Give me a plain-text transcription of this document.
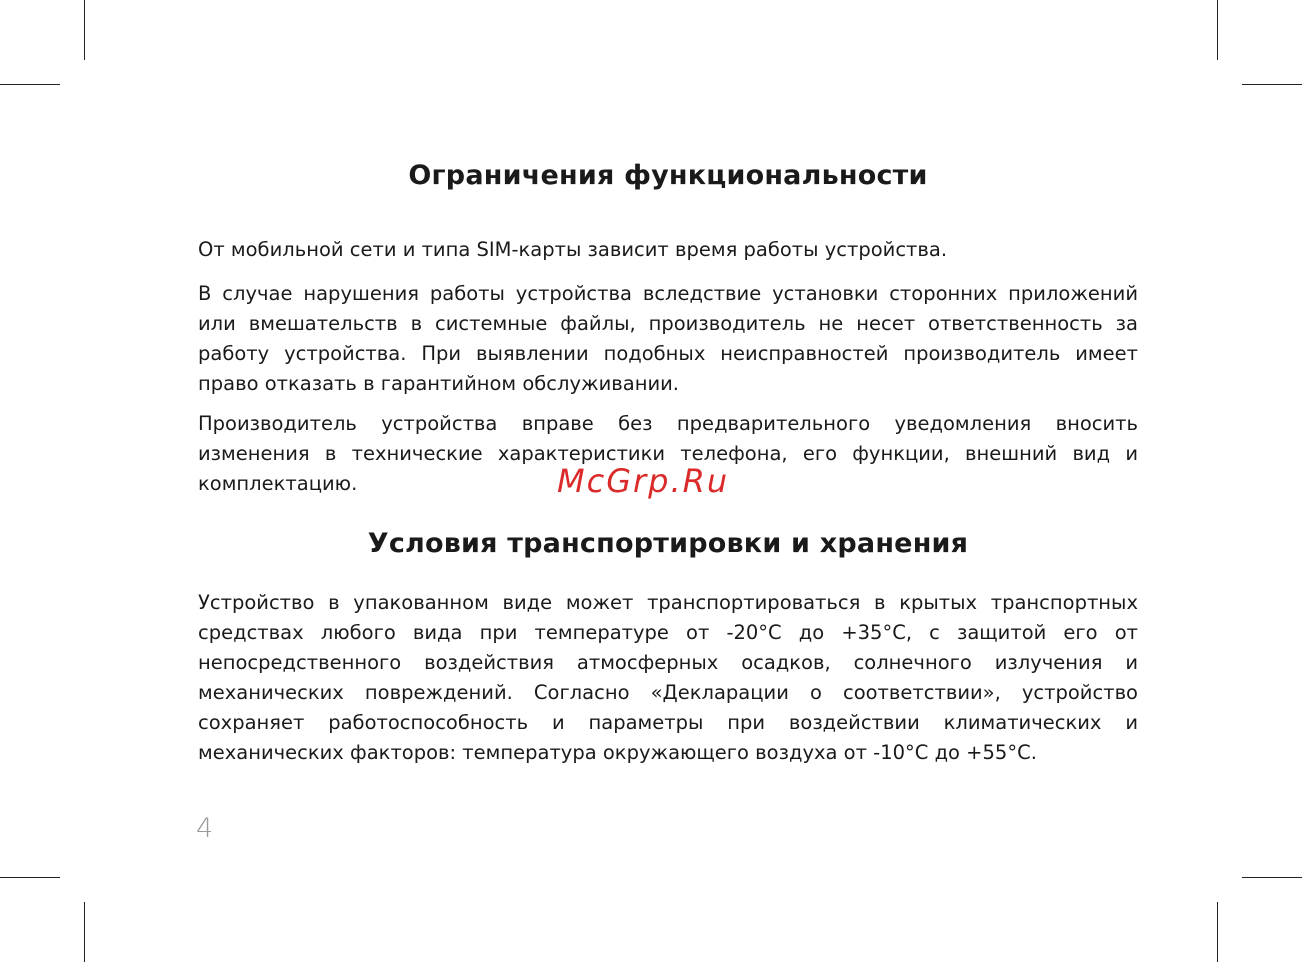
Ограничения функциональности

От мобильной сети и типа SIM-карты зависит время работы устройства.

В случае нарушения работы устройства вследствие установки сторонних приложений или вмешательств в системные файлы, производитель не несет ответственность за работу устройства. При выявлении подобных неисправностей производитель имеет право отказать в гарантийном обслуживании.

Производитель устройства вправе без предварительного уведомления вносить изменения в технические характеристики телефона, его функции, внешний вид и комплектацию.

Условия транспортировки и хранения

Устройство в упакованном виде может транспортироваться в крытых транспортных средствах любого вида при температуре от -20°С до +35°С, с защитой его от непосредственного воздействия атмосферных осадков, солнечного излучения и механических повреждений. Согласно «Декларации о соответствии», устройство сохраняет работоспособность и параметры при воздействии климатических и механических факторов: температура окружающего воздуха от -10°С до +55°С.

McGrp.Ru
4
